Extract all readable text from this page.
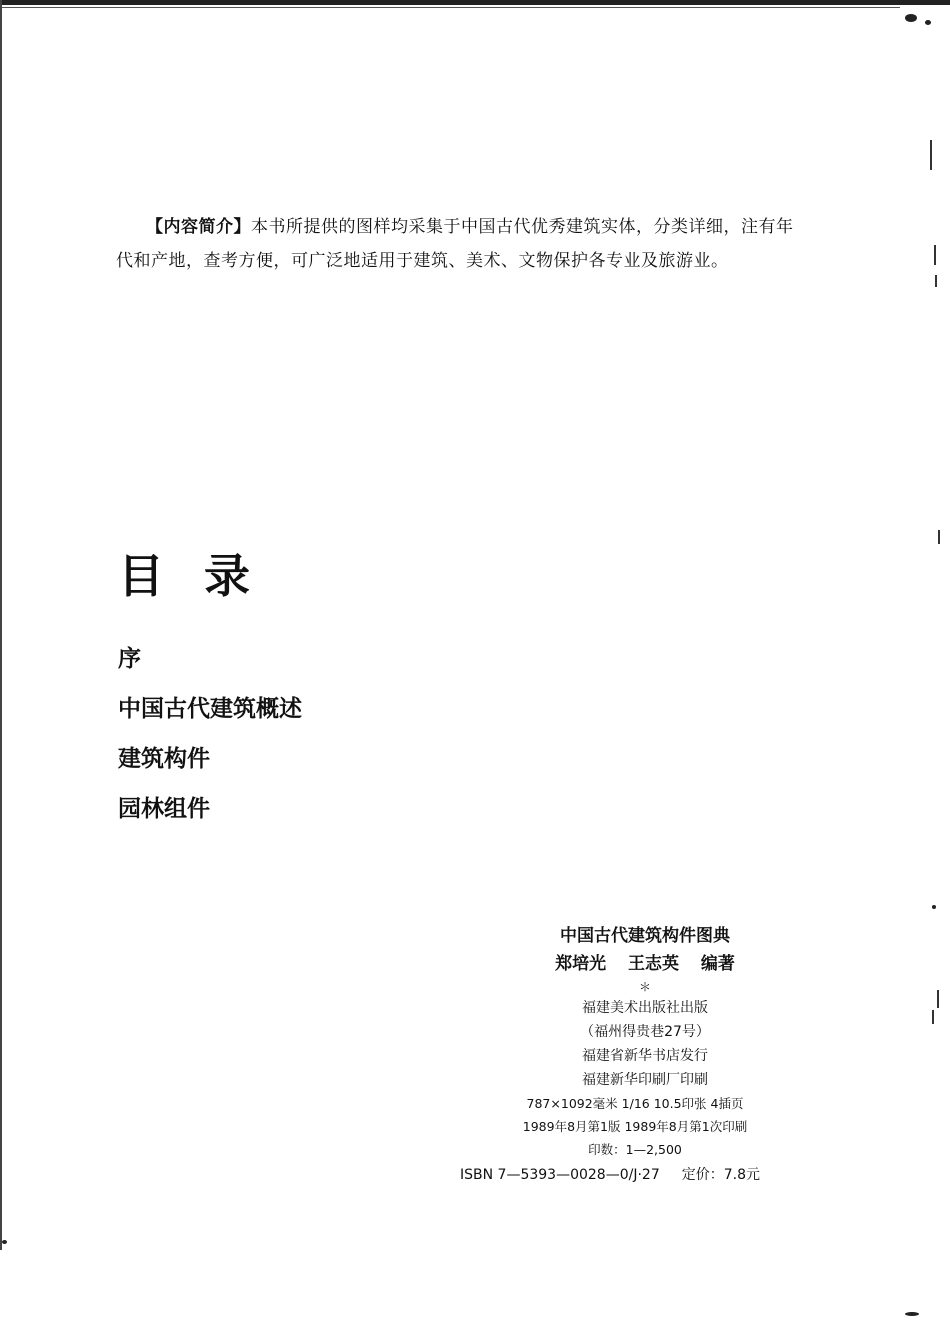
【内容简介】本书所提供的图样均采集于中国古代优秀建筑实体，分类详细，注有年代和产地，查考方便，可广泛地适用于建筑、美术、文物保护各专业及旅游业。

目录
序
中国古代建筑概述
建筑构件
园林组件
中国古代建筑构件图典
郑培光 王志英 编著
＊
福建美术出版社出版
（福州得贵巷27号）
福建省新华书店发行
福建新华印刷厂印刷
787×1092毫米 1/16 10.5印张 4插页
1989年8月第1版 1989年8月第1次印刷
印数：1—2,500
ISBN 7—5393—0028—0/J·27 定价：7.8元
